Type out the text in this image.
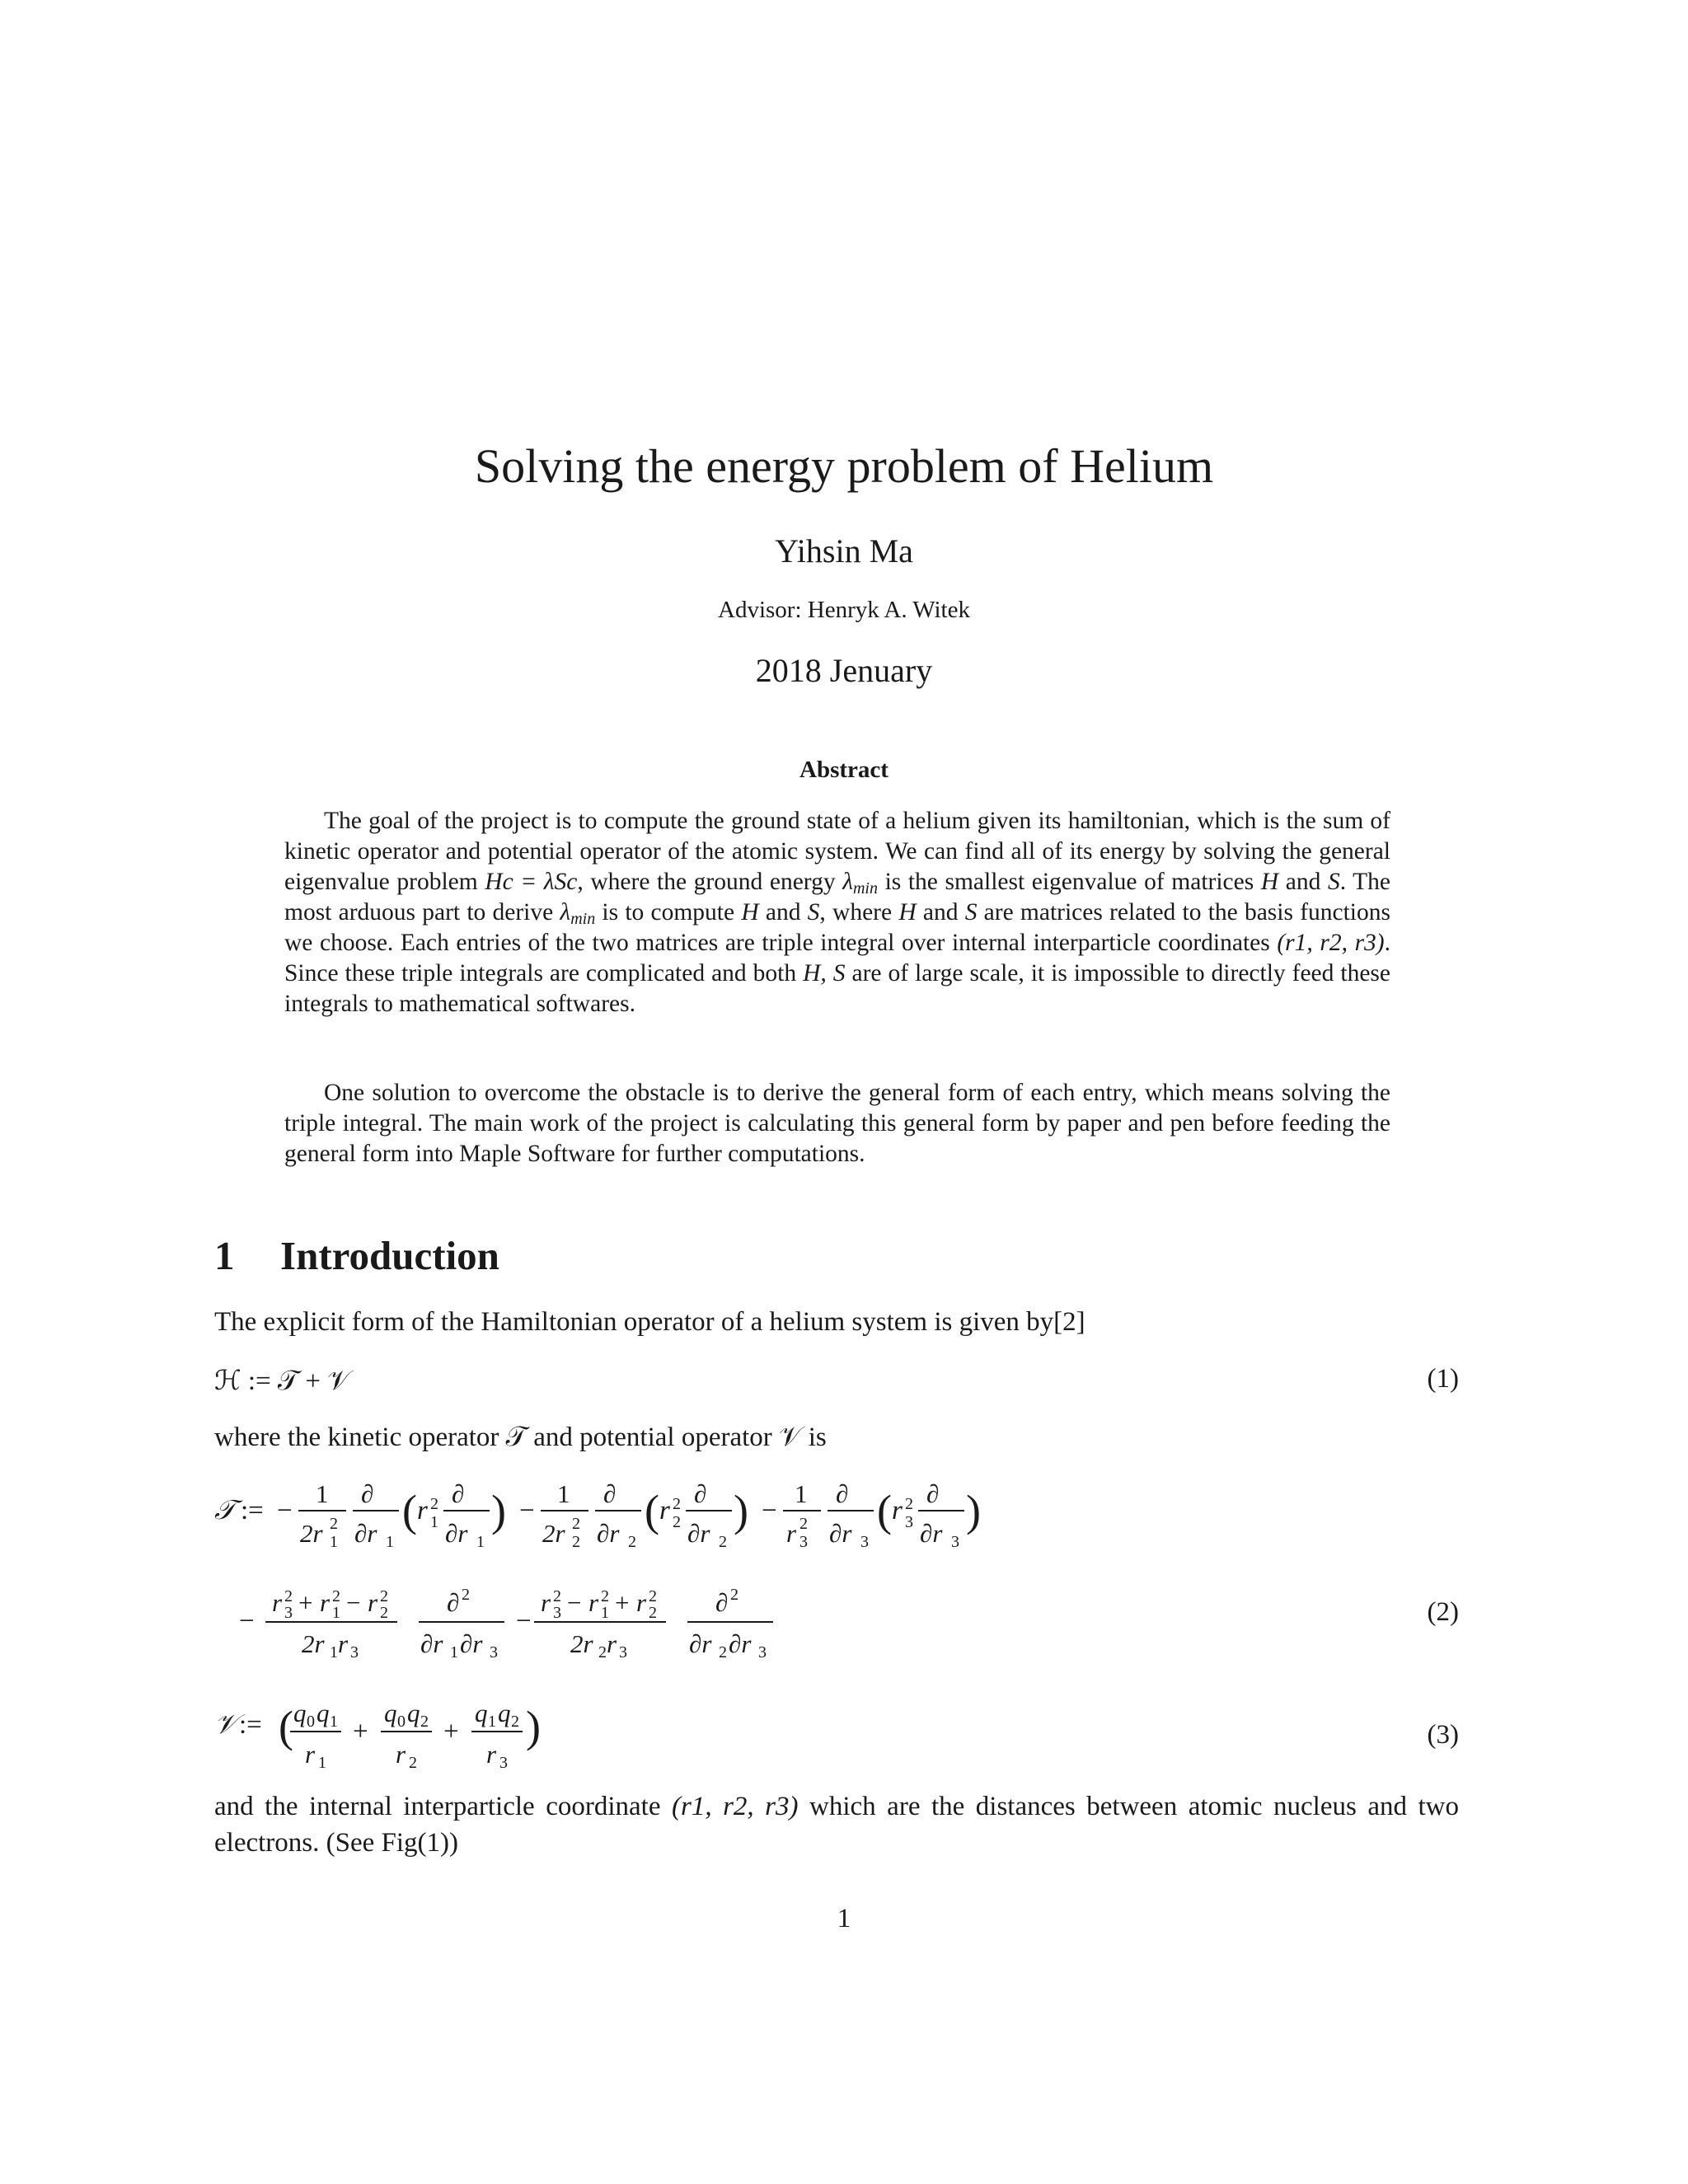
Solving the energy problem of Helium
Yihsin Ma
Advisor: Henryk A. Witek
2018 Jenuary
Abstract
The goal of the project is to compute the ground state of a helium given its hamiltonian, which is the sum of kinetic operator and potential operator of the atomic system. We can find all of its energy by solving the general eigenvalue problem Hc = λSc, where the ground energy $\lambda_{min}$ is the smallest eigenvalue of matrices H and S. The most arduous part to derive $\lambda_{min}$ is to compute H and S, where H and S are matrices related to the basis functions we choose. Each entries of the two matrices are triple integral over internal interparticle coordinates (r1, r2, r3). Since these triple integrals are complicated and both H, S are of large scale, it is impossible to directly feed these integrals to mathematical softwares.
One solution to overcome the obstacle is to derive the general form of each entry, which means solving the triple integral. The main work of the project is calculating this general form by paper and pen before feeding the general form into Maple Software for further computations.
1 Introduction
The explicit form of the Hamiltonian operator of a helium system is given by[2]
ℋ := 𝒯 + 𝒱	(1)
where the kinetic operator 𝒯 and potential operator 𝒱 is
𝒯 := −
1
2r 1
2
∂
∂r 1
( r 2
1
∂
∂r 1
) −
1
2r 2
2
∂
∂r 2
( r 2
2
∂
∂r 2
) −
1
r 3
2
∂
∂r 3
( r 2
3
∂
∂r 3
)
−
r 2
3 + r 2
1 − r 2
2
2r 1 r 3
∂ 2
∂r 1 ∂r 3
−
r 2
3 − r 2
1 + r 2
2
2r 2 r 3
∂ 2
∂r 2 ∂r 3
(2)
𝒱 := ( q 0 q 1
r 1
+
q 0 q 2
r 2
+
q 1 q 2
r 3
)	(3)
and the internal interparticle coordinate (r1, r2, r3) which are the distances between atomic nucleus and two electrons. (See Fig(1))
1
